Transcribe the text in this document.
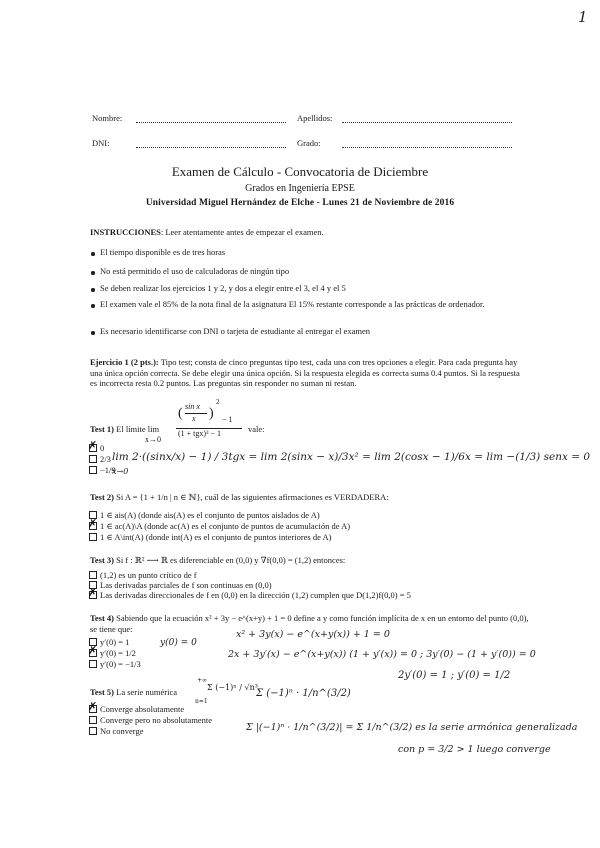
1
Nombre:	Apellidos:
DNI:	Grado:
Examen de Cálculo - Convocatoria de Diciembre
Grados en Ingeniería EPSE
Universidad Miguel Hernández de Elche - Lunes 21 de Noviembre de 2016
INSTRUCCIONES: Leer atentamente antes de empezar el examen.
El tiempo disponible es de tres horas
No está permitido el uso de calculadoras de ningún tipo
Se deben realizar los ejercicios 1 y 2, y dos a elegir entre el 3, el 4 y el 5
El examen vale el 85% de la nota final de la asignatura El 15% restante corresponde a las prácticas de ordenador.
Es necesario identificarse con DNI o tarjeta de estudiante al entregar el examen
Ejercicio 1 (2 pts.): Tipo test; consta de cinco preguntas tipo test, cada una con tres opciones a elegir. Para cada pregunta hay una única opción correcta. Se debe elegir una única opción. Si la respuesta elegida es correcta suma 0.4 puntos. Si la respuesta es incorrecta resta 0.2 puntos. Las preguntas sin responder no suman ni restan.
Test 1) El límite lim
x→0
( sin x
x )
2
− 1
(1 + tgx)³ − 1	vale:
✗0
2/3
−1/9
lim 2·((sinx/x) − 1) / 3tgx = lim 2(sinx − x)/3x² = lim 2(cosx − 1)/6x = lim −(1/3) senx = 0
x→0
Test 2) Si A = {1 + 1/n | n ∈ ℕ}, cuál de las siguientes afirmaciones es VERDADERA:
1 ∈ ais(A) (donde ais(A) es el conjunto de puntos aislados de A)
✗1 ∈ ac(A)\A (donde ac(A) es el conjunto de puntos de acumulación de A)
1 ∈ A\int(A) (donde int(A) es el conjunto de puntos interiores de A)
Test 3) Si f : ℝ² ⟶ ℝ es diferenciable en (0,0) y ∇f(0,0) = (1,2) entonces:
(1,2) es un punto crítico de f
Las derivadas parciales de f son continuas en (0,0)
✗Las derivadas direccionales de f en (0,0) en la dirección (1,2) cumplen que D(1,2)f(0,0) = 5
Test 4) Sabiendo que la ecuación x² + 3y − e^(x+y) + 1 = 0 define a y como función implícita de x en un entorno del punto (0,0), se tiene que:
y′(0) = 1
✗y′(0) = 1/2
y′(0) = −1/3
y(0) = 0
x² + 3y(x) − e^(x+y(x)) + 1 = 0
2x + 3y′(x) − e^(x+y(x)) (1 + y′(x)) = 0 ; 3y′(0) − (1 + y′(0)) = 0
2y′(0) = 1 ; y′(0) = 1/2
Test 5) La serie numérica
+∞
Σ (−1)ⁿ / √n³
n=1
✗Converge absolutamente
Converge pero no absolutamente
No converge
Σ (−1)ⁿ · 1/n^(3/2)
Σ |(−1)ⁿ · 1/n^(3/2)| = Σ 1/n^(3/2) es la serie armónica generalizada
con p = 3/2 > 1 luego converge
